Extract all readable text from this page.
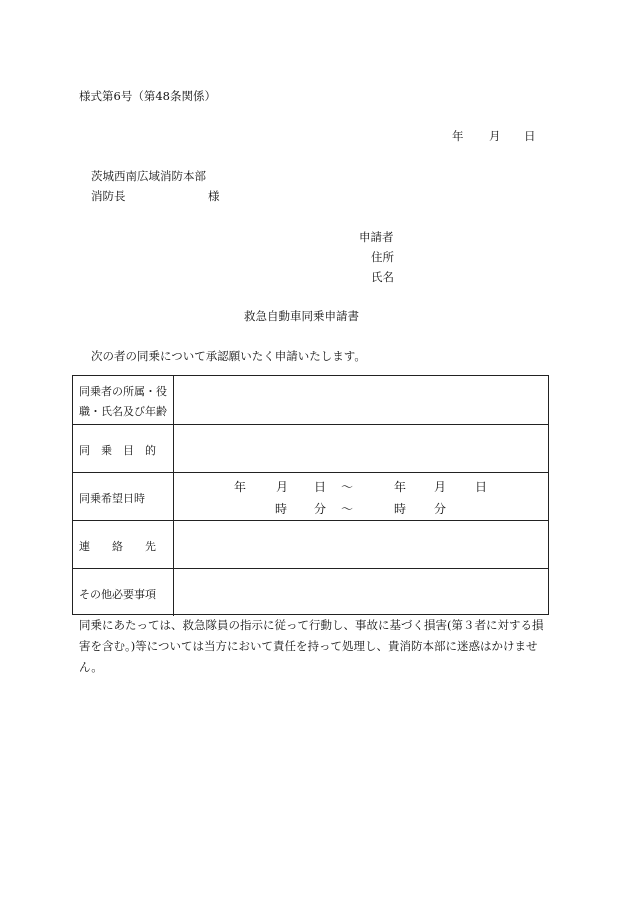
様式第6号（第48条関係）
年 月 日
茨城西南広域消防本部
消防長	様
申請者
住所
氏名
救急自動車同乗申請書
次の者の同乗について承認願いたく申請いたします。
同乗者の所属・役
職・氏名及び年齢
同　乗　目　的
同乗希望日時
年 月 日 ～	年 月 日
時 分 ～	時 分
連　　絡　　先
その他必要事項
同乗にあたっては、救急隊員の指示に従って行動し、事故に基づく損害(第３者に対する損
害を含む。)等については当方において責任を持って処理し、貴消防本部に迷惑はかけませ
ん。
